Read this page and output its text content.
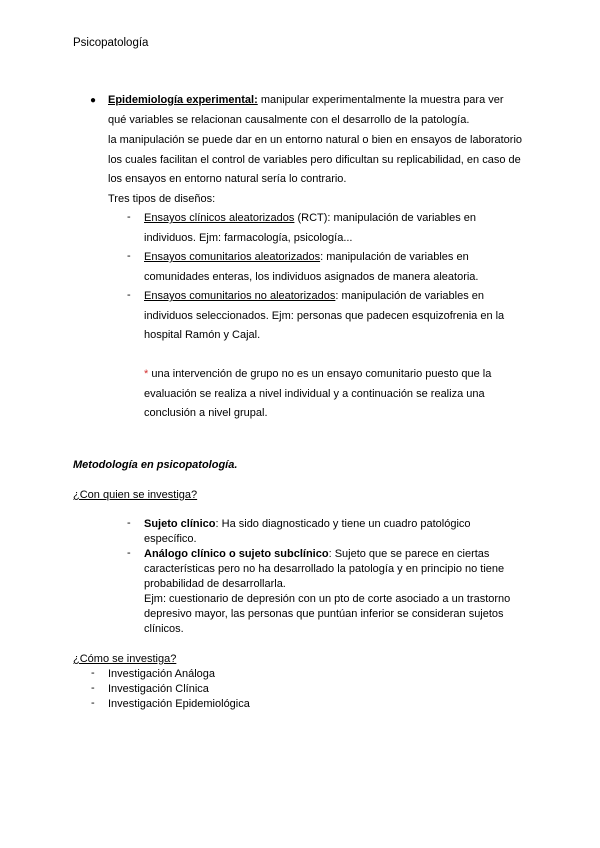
Psicopatología
● Epidemiología experimental: manipular experimentalmente la muestra para ver
qué variables se relacionan causalmente con el desarrollo de la patología.
la manipulación se puede dar en un entorno natural o bien en ensayos de laboratorio
los cuales facilitan el control de variables pero dificultan su replicabilidad, en caso de
los ensayos en entorno natural sería lo contrario.
Tres tipos de diseños:
- Ensayos clínicos aleatorizados (RCT): manipulación de variables en
individuos. Ejm: farmacología, psicología...
- Ensayos comunitarios aleatorizados: manipulación de variables en
comunidades enteras, los individuos asignados de manera aleatoria.
- Ensayos comunitarios no aleatorizados: manipulación de variables en
individuos seleccionados. Ejm: personas que padecen esquizofrenia en la
hospital Ramón y Cajal.
* una intervención de grupo no es un ensayo comunitario puesto que la
evaluación se realiza a nivel individual y a continuación se realiza una
conclusión a nivel grupal.
Metodología en psicopatología.
¿Con quien se investiga?
- Sujeto clínico: Ha sido diagnosticado y tiene un cuadro patológico
específico.
- Análogo clínico o sujeto subclínico: Sujeto que se parece en ciertas
características pero no ha desarrollado la patología y en principio no tiene
probabilidad de desarrollarla.
Ejm: cuestionario de depresión con un pto de corte asociado a un trastorno
depresivo mayor, las personas que puntúan inferior se consideran sujetos
clínicos.
¿Cómo se investiga?
- Investigación Análoga
- Investigación Clínica
- Investigación Epidemiológica
